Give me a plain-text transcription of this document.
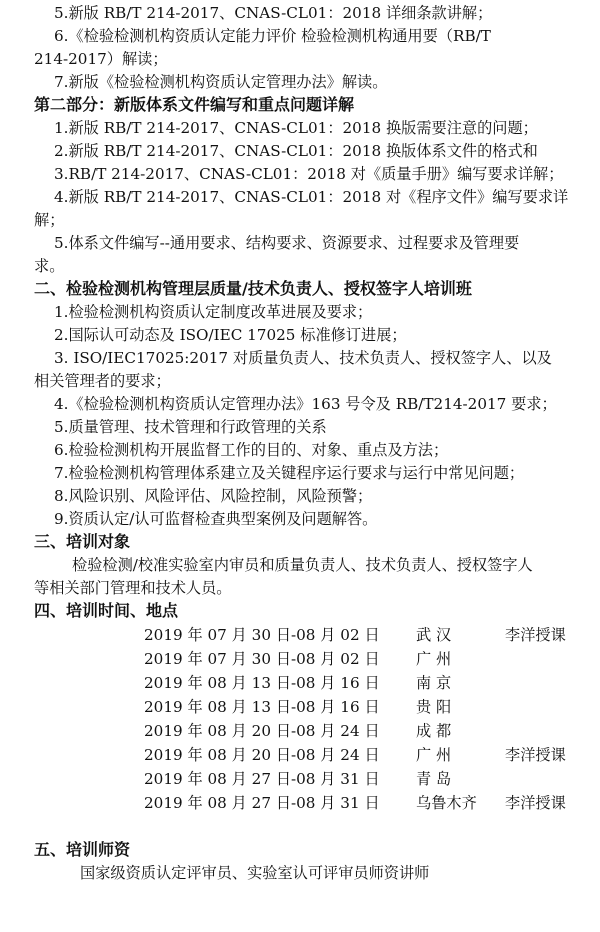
5.新版 RB/T 214-2017、CNAS-CL01：2018 详细条款讲解；
6.《检验检测机构资质认定能力评价 检验检测机构通用要（RB/T
214-2017）解读；
7.新版《检验检测机构资质认定管理办法》解读。
第二部分：新版体系文件编写和重点问题详解
1.新版 RB/T 214-2017、CNAS-CL01：2018 换版需要注意的问题；
2.新版 RB/T 214-2017、CNAS-CL01：2018 换版体系文件的格式和
3.RB/T 214-2017、CNAS-CL01：2018 对《质量手册》编写要求详解；
4.新版 RB/T 214-2017、CNAS-CL01：2018 对《程序文件》编写要求详
解；
5.体系文件编写--通用要求、结构要求、资源要求、过程要求及管理要
求。
二、检验检测机构管理层质量/技术负责人、授权签字人培训班
1.检验检测机构资质认定制度改革进展及要求；
2.国际认可动态及 ISO/IEC 17025 标准修订进展；
3. ISO/IEC17025:2017 对质量负责人、技术负责人、授权签字人、以及
相关管理者的要求；
4.《检验检测机构资质认定管理办法》163 号令及 RB/T214-2017 要求；
5.质量管理、技术管理和行政管理的关系
6.检验检测机构开展监督工作的目的、对象、重点及方法；
7.检验检测机构管理体系建立及关键程序运行要求与运行中常见问题；
8.风险识别、风险评估、风险控制，风险预警；
9.资质认定/认可监督检查典型案例及问题解答。
三、培训对象
检验检测/校准实验室内审员和质量负责人、技术负责人、授权签字人
等相关部门管理和技术人员。
四、培训时间、地点
2019 年 07 月 30 日-08 月 02 日 武 汉	李洋授课
2019 年 07 月 30 日-08 月 02 日 广 州
2019 年 08 月 13 日-08 月 16 日 南 京
2019 年 08 月 13 日-08 月 16 日 贵 阳
2019 年 08 月 20 日-08 月 24 日 成 都
2019 年 08 月 20 日-08 月 24 日 广 州	李洋授课
2019 年 08 月 27 日-08 月 31 日 青 岛
2019 年 08 月 27 日-08 月 31 日 乌鲁木齐 李洋授课
五、培训师资
国家级资质认定评审员、实验室认可评审员师资讲师
